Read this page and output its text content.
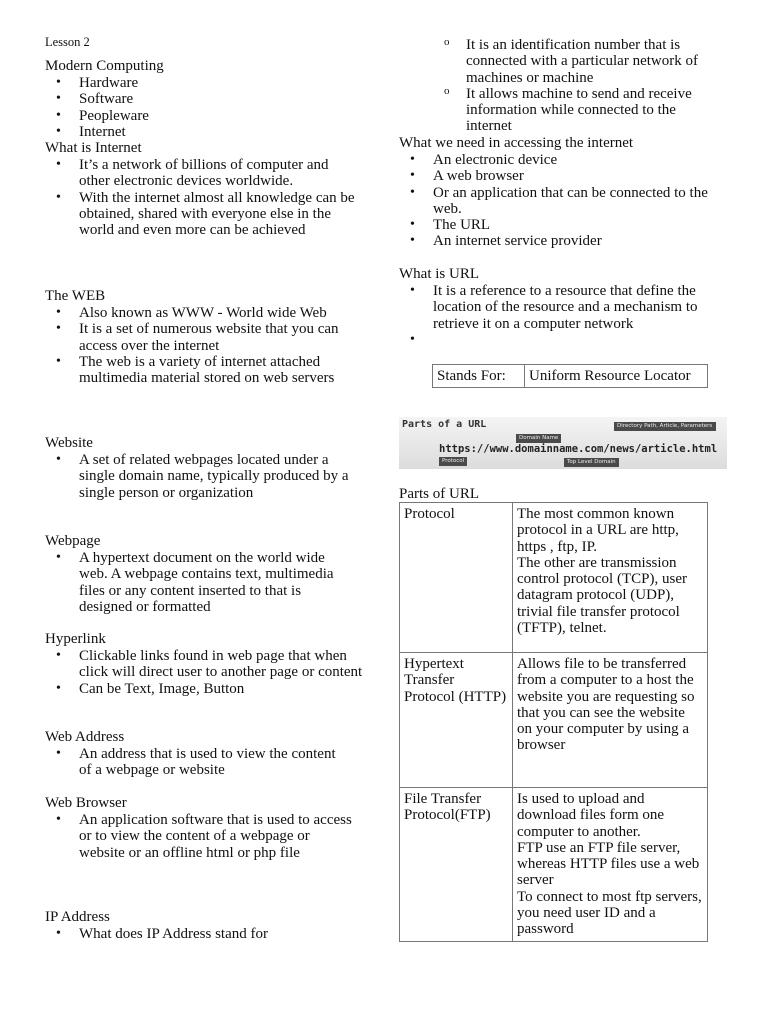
Lesson 2
Modern Computing
• Hardware
• Software
• Peopleware
• Internet
What is Internet
• It’s a network of billions of computer and other electronic devices worldwide.
• With the internet almost all knowledge can be obtained, shared with everyone else in the world and even more can be achieved
The WEB
• Also known as WWW - World wide Web
• It is a set of numerous website that you can access over the internet
• The web is a variety of internet attached multimedia material stored on web servers
Website
• A set of related webpages located under a single domain name, typically produced by a single person or organization
Webpage
• A hypertext document on the world wide web. A webpage contains text, multimedia files or any content inserted to that is designed or formatted
Hyperlink
• Clickable links found in web page that when click will direct user to another page or content
• Can be Text, Image, Button
Web Address
• An address that is used to view the content of a webpage or website
Web Browser
• An application software that is used to access or to view the content of a webpage or website or an offline html or php file
IP Address
• What does IP Address stand for
o It is an identification number that is connected with a particular network of machines or machine
o It allows machine to send and receive information while connected to the internet
What we need in accessing the internet
• An electronic device
• A web browser
• Or an application that can be connected to the web.
• The URL
• An internet service provider
What is URL
• It is a reference to a resource that define the location of the resource and a mechanism to retrieve it on a computer network
•
Stands For:	Uniform Resource Locator
Parts of a URL
Domain Name
Directory Path, Article, Parameters
https://www.domainname.com/news/article.html
Protocol	Top Level Domain
Parts of URL
Protocol	The most common known protocol in a URL are http, https , ftp, IP.
The other are transmission control protocol (TCP), user datagram protocol (UDP), trivial file transfer protocol (TFTP), telnet.
Hypertext Transfer Protocol (HTTP)	Allows file to be transferred from a computer to a host the website you are requesting so that you can see the website on your computer by using a browser
File Transfer Protocol(FTP)	Is used to upload and download files form one computer to another.
FTP use an FTP file server, whereas HTTP files use a web server
To connect to most ftp servers, you need user ID and a password
